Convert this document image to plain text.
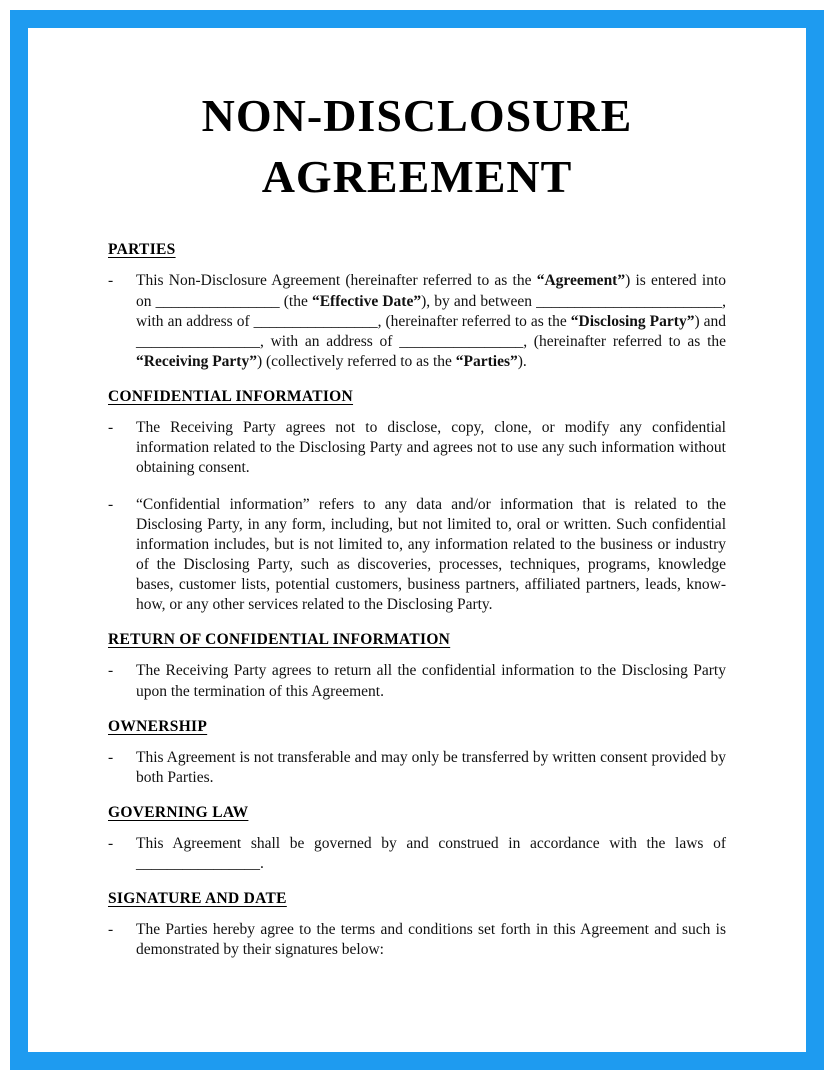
NON-DISCLOSURE
AGREEMENT
PARTIES
-	This Non-Disclosure Agreement (hereinafter referred to as the “Agreement”) is entered into on ________________ (the “Effective Date”), by and between ________________________, with an address of ________________, (hereinafter referred to as the “Disclosing Party”) and ________________, with an address of ________________, (hereinafter referred to as the “Receiving Party”) (collectively referred to as the “Parties”).

CONFIDENTIAL INFORMATION
-	The Receiving Party agrees not to disclose, copy, clone, or modify any confidential information related to the Disclosing Party and agrees not to use any such information without obtaining consent.

-	“Confidential information” refers to any data and/or information that is related to the Disclosing Party, in any form, including, but not limited to, oral or written. Such confidential information includes, but is not limited to, any information related to the business or industry of the Disclosing Party, such as discoveries, processes, techniques, programs, knowledge bases, customer lists, potential customers, business partners, affiliated partners, leads, know-how, or any other services related to the Disclosing Party.

RETURN OF CONFIDENTIAL INFORMATION
-	The Receiving Party agrees to return all the confidential information to the Disclosing Party upon the termination of this Agreement.

OWNERSHIP
-	This Agreement is not transferable and may only be transferred by written consent provided by both Parties.

GOVERNING LAW
-	This Agreement shall be governed by and construed in accordance with the laws of ________________.

SIGNATURE AND DATE
-	The Parties hereby agree to the terms and conditions set forth in this Agreement and such is demonstrated by their signatures below:
